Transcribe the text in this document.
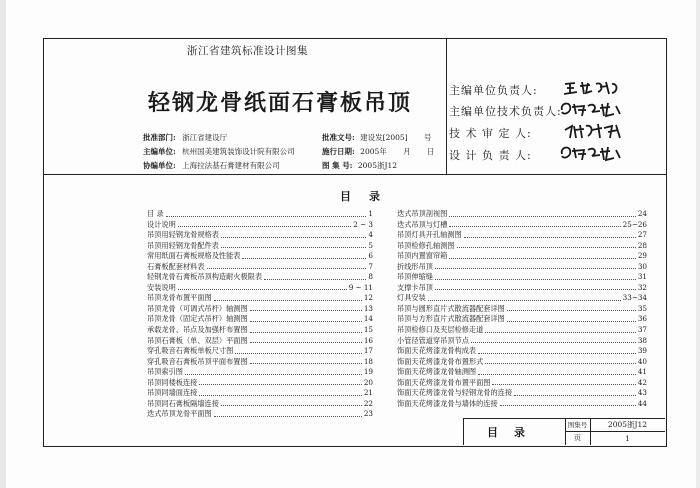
浙江省建筑标准设计图集
轻钢龙骨纸面石膏板吊顶
批准部门: 浙江省建设厅	批准文号: 建设发[2005] 号
主编单位: 杭州国美建筑装饰设计院有限公司	施行日期: 2005年 月 日
协编单位: 上海拉法基石膏建材有限公司	图 集 号: 2005浙J12
主编单位负责人:
主编单位技术负责人:
技 术 审 定 人:
设 计 负 责 人:
目录
目 录	1
设计说明	2 ~ 3
吊顶用轻钢龙骨规格表	4
吊顶用轻钢龙骨配件表	5
常用纸面石膏板规格及性能表	6
石膏板配套材料表	7
轻钢龙骨石膏板吊顶构造耐火极限表	8
安装说明	9 ~ 11
吊顶龙骨布置平面图	12
吊顶龙骨（可调式吊杆）轴测图	13
吊顶龙骨（固定式吊杆）轴测图	14
承载龙骨、吊点及加强杆布置图	15
吊顶石膏板（单、双层）平面图	16
穿孔吸音石膏板单板尺寸图	17
穿孔吸音石膏板吊顶平面布置图	18
吊顶索引图	19
吊顶同楼板连接	20
吊顶同墙面连接	21
吊顶同石膏板隔墙连接	22
迭式吊顶龙骨平面图	23
迭式吊顶剖视图	24
迭式吊顶与灯槽	25~26
吊顶灯具开孔轴测图	27
吊顶检修孔轴测图	28
吊顶内置窗帘箱	29
折线形吊顶	30
吊顶伸缩缝	31
支撑卡吊顶	32
灯具安装	33~34
吊顶与圆形直片式散流器配套详图	35
吊顶与方形直片式散流器配套详图	36
吊顶检修口及夹层检修走道	37
小管径管道穿吊顶节点	38
饰面天花烤漆龙骨构成表	39
饰面天花烤漆龙骨布置形式	40
饰面天花烤漆龙骨轴测图	41
饰面天花烤漆龙骨布置平面图	42
饰面天花烤漆龙骨与轻钢龙骨的连接	43
饰面天花烤漆龙骨与墙体的连接	44
目录
图集号	2005浙J12
页	1
